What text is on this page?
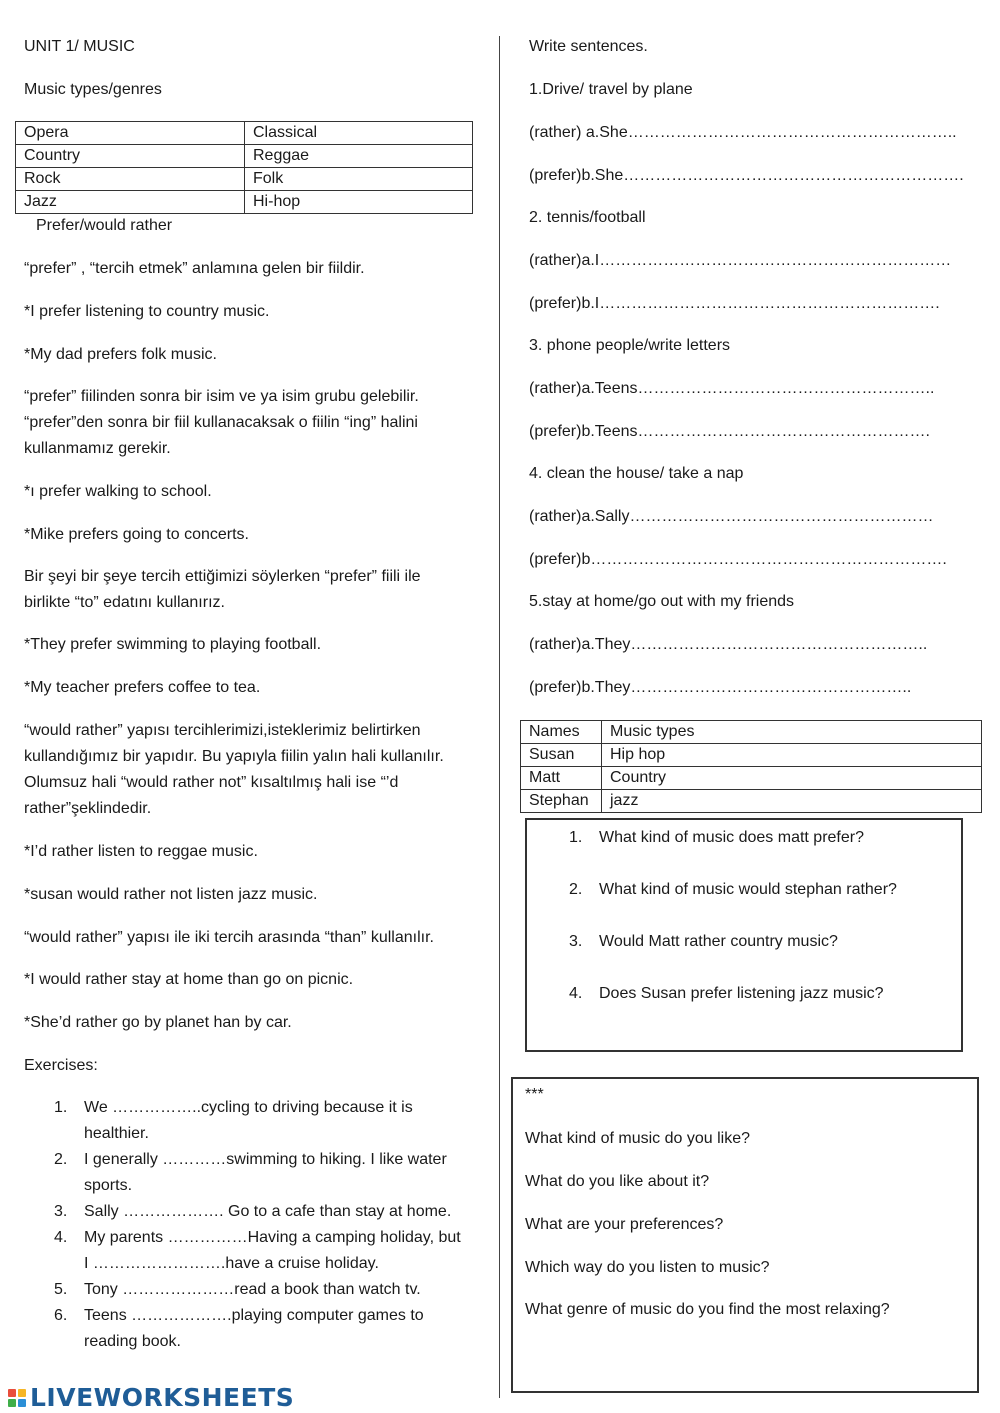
UNIT 1/ MUSIC
Music types/genres
Opera	Classical
Country	Reggae
Rock	Folk
Jazz	Hi-hop
Prefer/would rather
“prefer” , “tercih etmek” anlamına gelen bir fiildir.
*I prefer listening to country music.
*My dad prefers folk music.
“prefer” fiilinden sonra bir isim ve ya isim grubu gelebilir.
“prefer”den sonra bir fiil kullanacaksak o fiilin “ing” halini
kullanmamız gerekir.
*ı prefer walking to school.
*Mike prefers going to concerts.
Bir şeyi bir şeye tercih ettiğimizi söylerken “prefer” fiili ile
birlikte “to” edatını kullanırız.
*They prefer swimming to playing football.
*My teacher prefers coffee to tea.
“would rather” yapısı tercihlerimizi,isteklerimiz belirtirken
kullandığımız bir yapıdır. Bu yapıyla fiilin yalın hali kullanılır.
Olumsuz hali “would rather not” kısaltılmış hali ise “’d
rather”şeklindedir.
*I’d rather listen to reggae music.
*susan would rather not listen jazz music.
“would rather” yapısı ile iki tercih arasında “than” kullanılır.
*I would rather stay at home than go on picnic.
*She’d rather go by planet han by car.
Exercises:
1. We ……………..cycling to driving because it is
healthier.
2. I generally …………swimming to hiking. I like water
sports.
3. Sally ………………. Go to a cafe than stay at home.
4. My parents ……………Having a camping holiday, but
I …………………….have a cruise holiday.
5. Tony …………………read a book than watch tv.
6. Teens ……………….playing computer games to
reading book.
Write sentences.
1.Drive/ travel by plane
(rather) a.She……………………………………………………..
(prefer)b.She……………………………………………………….
2. tennis/football
(rather)a.I…………………………………………………………
(prefer)b.I……………………………………………………….
3. phone people/write letters
(rather)a.Teens………………………………………………..
(prefer)b.Teens……………………………………………….
4. clean the house/ take a nap
(rather)a.Sally…………………………………………………
(prefer)b………………………………………………………….
5.stay at home/go out with my friends
(rather)a.They………………………………………………..
(prefer)b.They……………………………………………..
Names	Music types
Susan	Hip hop
Matt	Country
Stephan	jazz
1. What kind of music does matt prefer?
2. What kind of music would stephan rather?
3. Would Matt rather country music?
4. Does Susan prefer listening jazz music?
***
What kind of music do you like?
What do you like about it?
What are your preferences?
Which way do you listen to music?
What genre of music do you find the most relaxing?
LIVEWORKSHEETS
